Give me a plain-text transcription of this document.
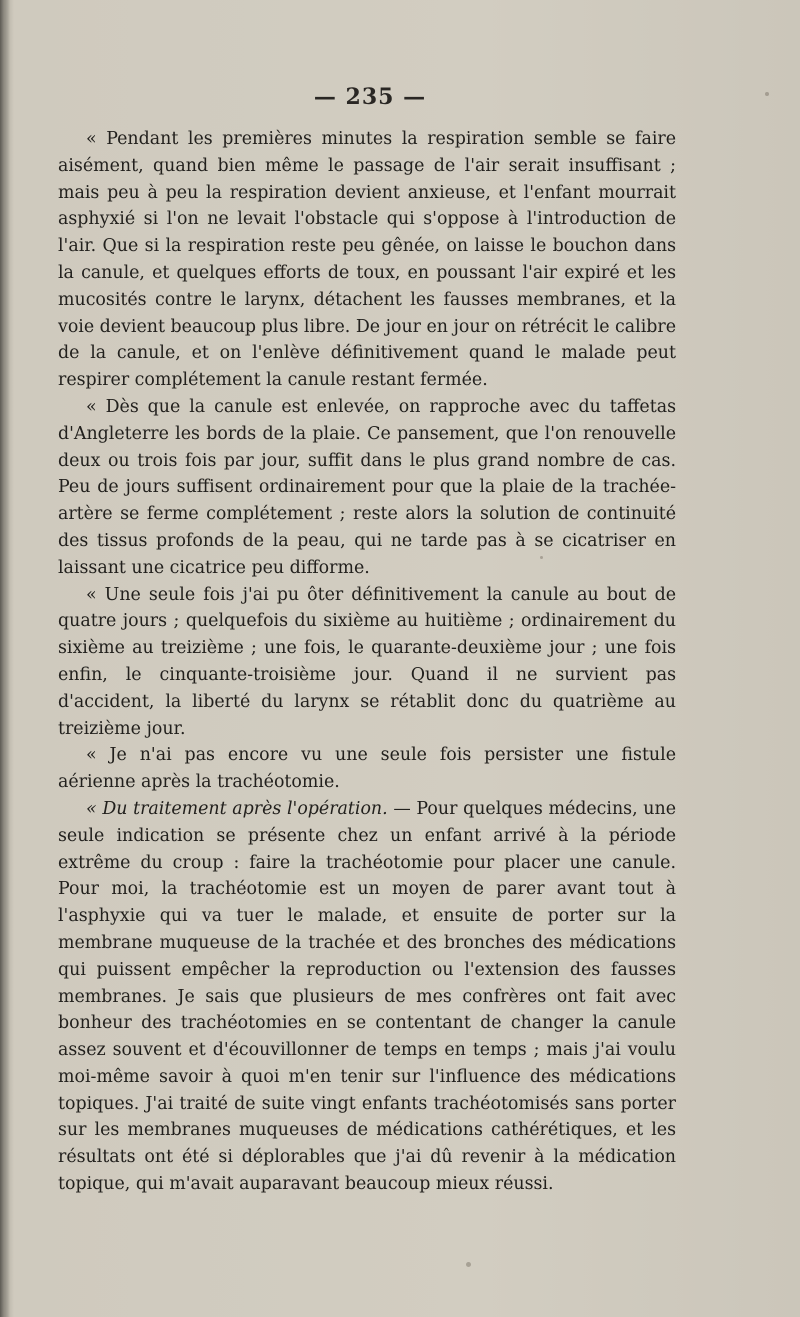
— 235 —

« Pendant les premières minutes la respiration semble se faire aisément, quand bien même le passage de l'air serait insuffisant ; mais peu à peu la respiration devient anxieuse, et l'enfant mourrait asphyxié si l'on ne levait l'obstacle qui s'oppose à l'introduction de l'air. Que si la respiration reste peu gênée, on laisse le bouchon dans la canule, et quelques efforts de toux, en poussant l'air expiré et les mucosités contre le larynx, détachent les fausses membranes, et la voie devient beaucoup plus libre. De jour en jour on rétrécit le calibre de la canule, et on l'enlève définitivement quand le malade peut respirer complétement la canule restant fermée.

« Dès que la canule est enlevée, on rapproche avec du taffetas d'Angleterre les bords de la plaie. Ce pansement, que l'on renouvelle deux ou trois fois par jour, suffit dans le plus grand nombre de cas. Peu de jours suffisent ordinairement pour que la plaie de la trachée-artère se ferme complétement ; reste alors la solution de continuité des tissus profonds de la peau, qui ne tarde pas à se cicatriser en laissant une cicatrice peu difforme.

« Une seule fois j'ai pu ôter définitivement la canule au bout de quatre jours ; quelquefois du sixième au huitième ; ordinairement du sixième au treizième ; une fois, le quarante-deuxième jour ; une fois enfin, le cinquante-troisième jour. Quand il ne survient pas d'accident, la liberté du larynx se rétablit donc du quatrième au treizième jour.

« Je n'ai pas encore vu une seule fois persister une fistule aérienne après la trachéotomie.

« Du traitement après l'opération. — Pour quelques médecins, une seule indication se présente chez un enfant arrivé à la période extrême du croup : faire la trachéotomie pour placer une canule. Pour moi, la trachéotomie est un moyen de parer avant tout à l'asphyxie qui va tuer le malade, et ensuite de porter sur la membrane muqueuse de la trachée et des bronches des médications qui puissent empêcher la reproduction ou l'extension des fausses membranes. Je sais que plusieurs de mes confrères ont fait avec bonheur des trachéotomies en se contentant de changer la canule assez souvent et d'écouvillonner de temps en temps ; mais j'ai voulu moi-même savoir à quoi m'en tenir sur l'influence des médications topiques. J'ai traité de suite vingt enfants trachéotomisés sans porter sur les membranes muqueuses de médications cathérétiques, et les résultats ont été si déplorables que j'ai dû revenir à la médication topique, qui m'avait auparavant beaucoup mieux réussi.
